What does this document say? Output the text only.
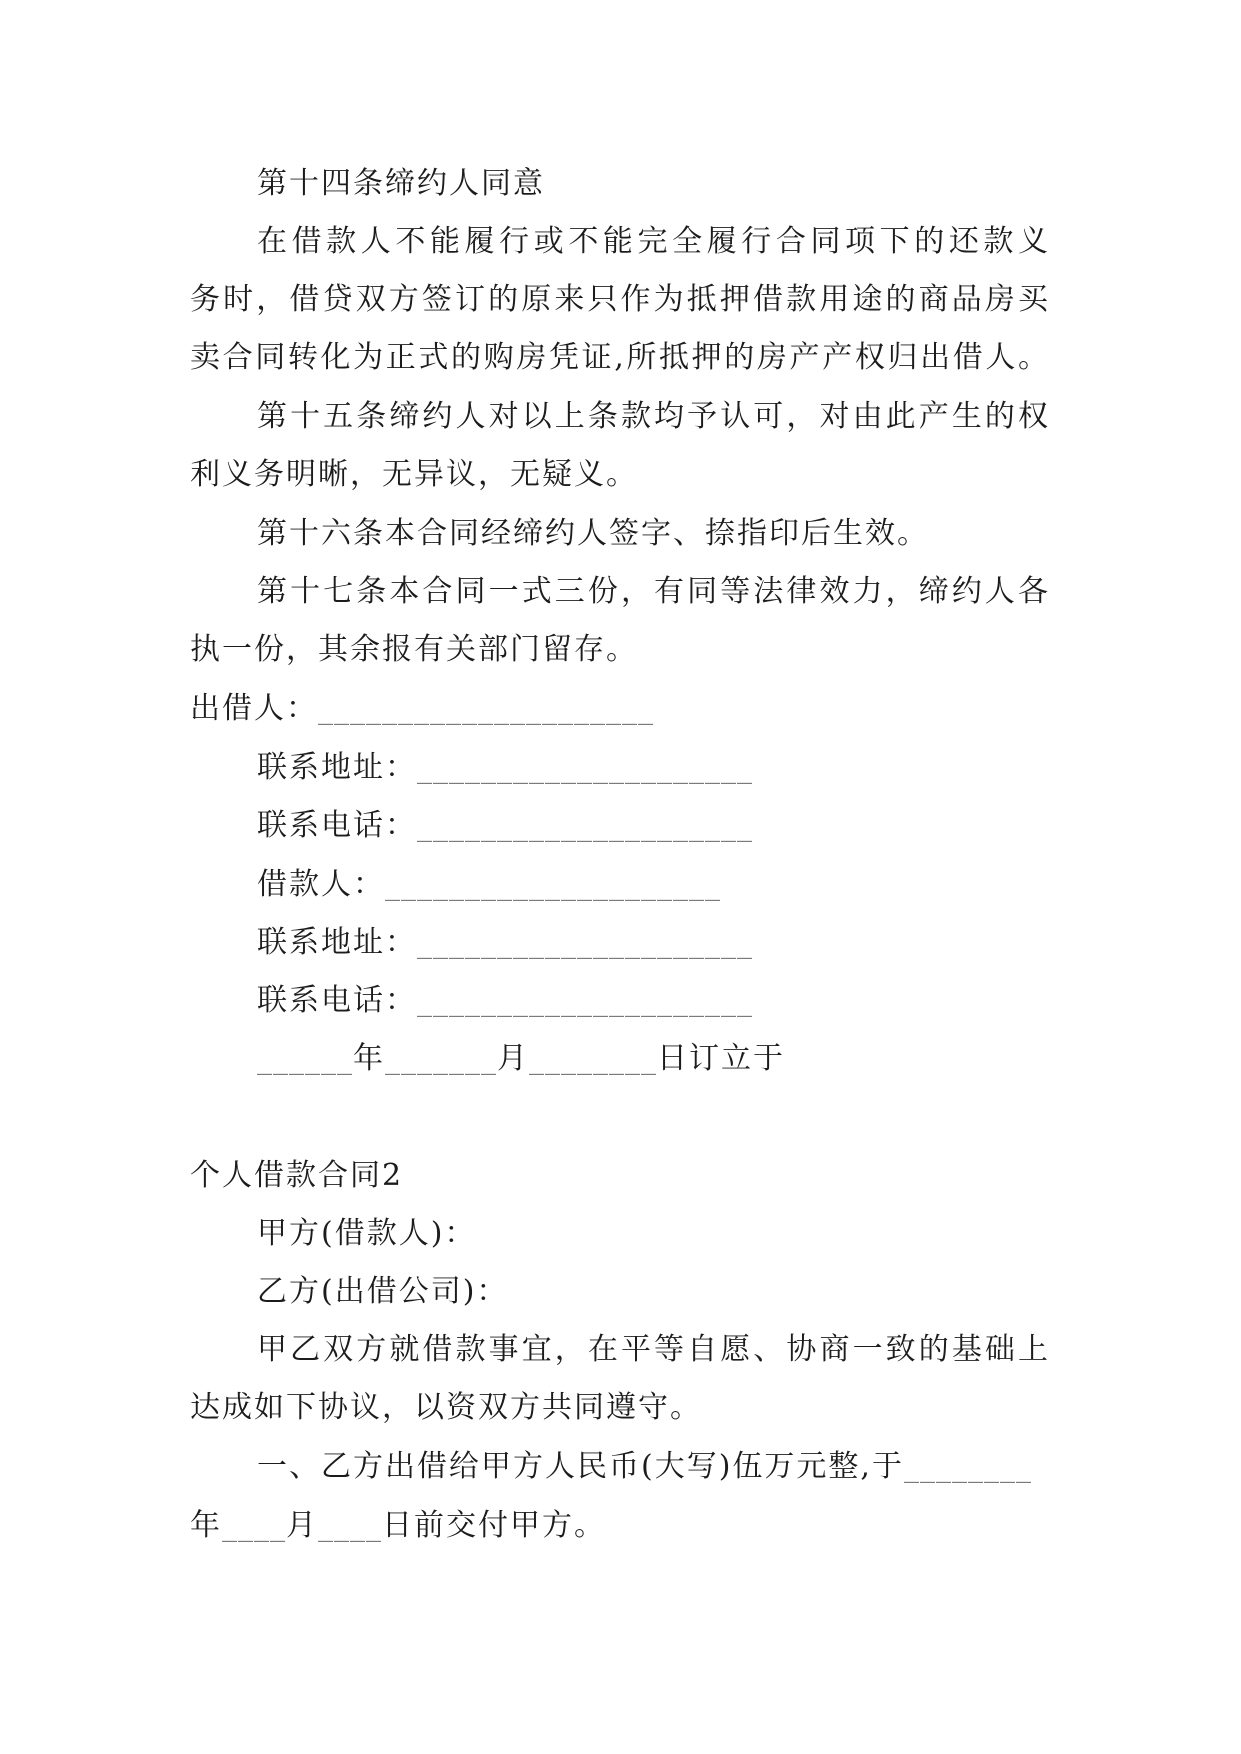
第十四条缔约人同意
在借款人不能履行或不能完全履行合同项下的还款义
务时，借贷双方签订的原来只作为抵押借款用途的商品房买
卖合同转化为正式的购房凭证,所抵押的房产产权归出借人。
第十五条缔约人对以上条款均予认可，对由此产生的权
利义务明晰，无异议，无疑义。
第十六条本合同经缔约人签字、捺指印后生效。
第十七条本合同一式三份，有同等法律效力，缔约人各
执一份，其余报有关部门留存。
出借人：_____________________
联系地址：_____________________
联系电话：_____________________
借款人：_____________________
联系地址：_____________________
联系电话：_____________________
______年_______月________日订立于
个人借款合同2
甲方(借款人)：
乙方(出借公司)：
甲乙双方就借款事宜，在平等自愿、协商一致的基础上
达成如下协议，以资双方共同遵守。
一、乙方出借给甲方人民币(大写)伍万元整,于________
年____月____日前交付甲方。
